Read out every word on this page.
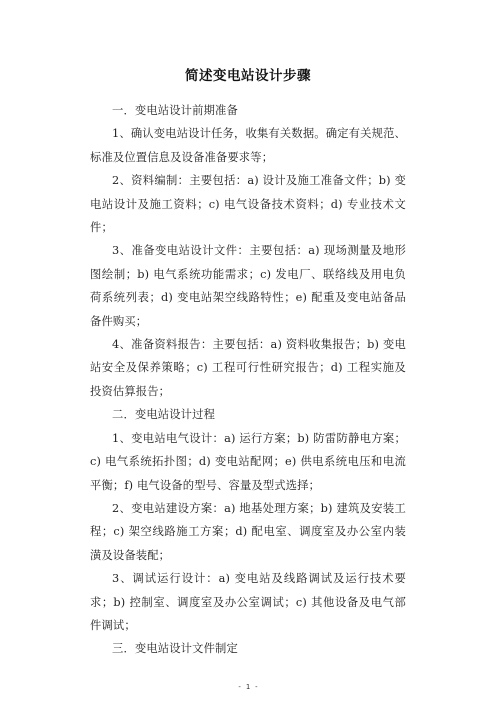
简述变电站设计步骤

一．变电站设计前期准备

1、确认变电站设计任务，收集有关数据。确定有关规范、标准及位置信息及设备准备要求等；

2、资料编制：主要包括：a) 设计及施工准备文件；b) 变电站设计及施工资料；c) 电气设备技术资料；d) 专业技术文件；

3、准备变电站设计文件：主要包括：a) 现场测量及地形图绘制；b) 电气系统功能需求；c) 发电厂、联络线及用电负荷系统列表；d) 变电站架空线路特性；e) 配重及变电站备品备件购买；

4、准备资料报告：主要包括：a) 资料收集报告；b) 变电站安全及保养策略；c) 工程可行性研究报告；d) 工程实施及投资估算报告；

二．变电站设计过程

1、变电站电气设计：a) 运行方案；b) 防雷防静电方案；c) 电气系统拓扑图；d) 变电站配网；e) 供电系统电压和电流平衡；f) 电气设备的型号、容量及型式选择；

2、变电站建设方案：a) 地基处理方案；b) 建筑及安装工程；c) 架空线路施工方案；d) 配电室、调度室及办公室内装潢及设备装配；

3、调试运行设计：a) 变电站及线路调试及运行技术要求；b) 控制室、调度室及办公室调试；c) 其他设备及电气部件调试；

三．变电站设计文件制定

- 1 -
